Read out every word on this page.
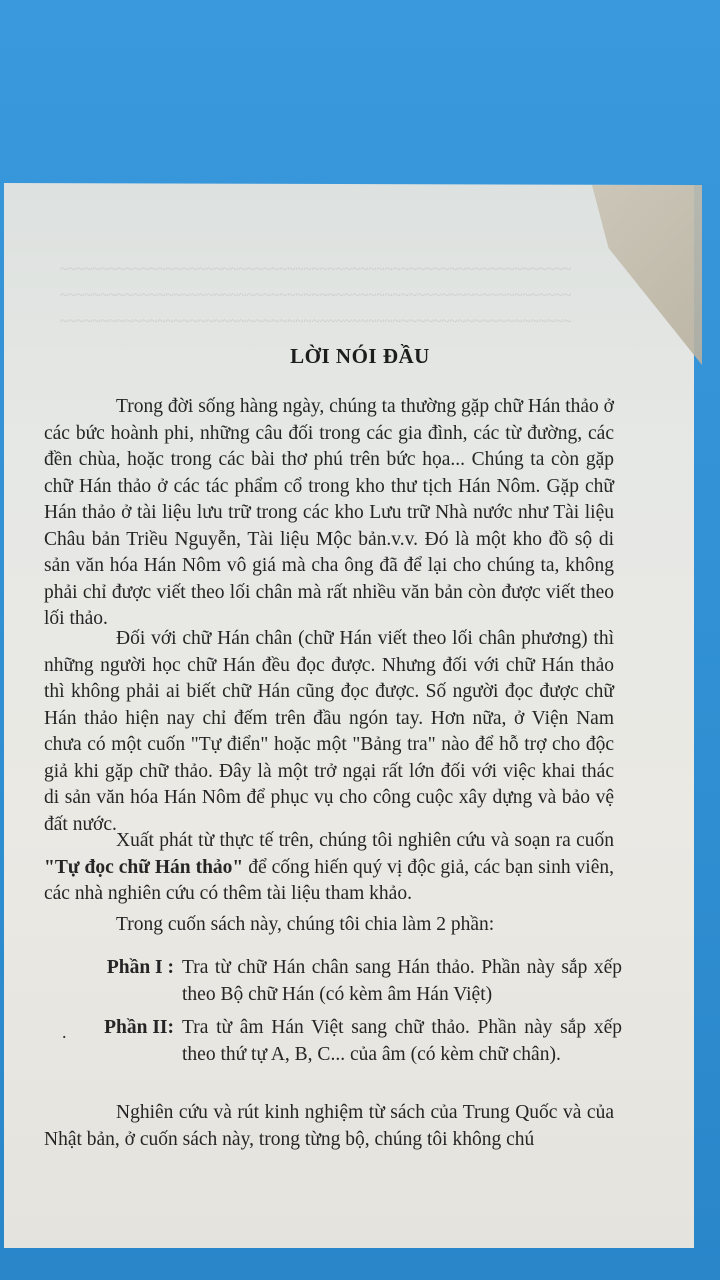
~~~~~~~~~~~~~~~~~~~~~~~~~~~~~~~~~~~~~~~~~~~~~~~~~~~~~~~~~~~~~~~
~~~~~~~~~~~~~~~~~~~~~~~~~~~~~~~~~~~~~~~~~~~~~~~~~~~~~~~~~~~~~~~
~~~~~~~~~~~~~~~~~~~~~~~~~~~~~~~~~~~~~~~~~~~~~~~~~~~~~~~~~~~~~~~
LỜI NÓI ĐẦU

Trong đời sống hàng ngày, chúng ta thường gặp chữ Hán thảo ở các bức hoành phi, những câu đối trong các gia đình, các từ đường, các đền chùa, hoặc trong các bài thơ phú trên bức họa... Chúng ta còn gặp chữ Hán thảo ở các tác phẩm cổ trong kho thư tịch Hán Nôm. Gặp chữ Hán thảo ở tài liệu lưu trữ trong các kho Lưu trữ Nhà nước như Tài liệu Châu bản Triều Nguyễn, Tài liệu Mộc bản.v.v. Đó là một kho đồ sộ di sản văn hóa Hán Nôm vô giá mà cha ông đã để lại cho chúng ta, không phải chỉ được viết theo lối chân mà rất nhiều văn bản còn được viết theo lối thảo.

Đối với chữ Hán chân (chữ Hán viết theo lối chân phương) thì những người học chữ Hán đều đọc được. Nhưng đối với chữ Hán thảo thì không phải ai biết chữ Hán cũng đọc được. Số người đọc được chữ Hán thảo hiện nay chỉ đếm trên đầu ngón tay. Hơn nữa, ở Viện Nam chưa có một cuốn "Tự điển" hoặc một "Bảng tra" nào để hỗ trợ cho độc giả khi gặp chữ thảo. Đây là một trở ngại rất lớn đối với việc khai thác di sản văn hóa Hán Nôm để phục vụ cho công cuộc xây dựng và bảo vệ đất nước.

Xuất phát từ thực tế trên, chúng tôi nghiên cứu và soạn ra cuốn "Tự đọc chữ Hán thảo" để cống hiến quý vị độc giả, các bạn sinh viên, các nhà nghiên cứu có thêm tài liệu tham khảo.

Trong cuốn sách này, chúng tôi chia làm 2 phần:

Phần I : Tra từ chữ Hán chân sang Hán thảo. Phần này sắp xếp theo Bộ chữ Hán (có kèm âm Hán Việt)
Phần II: Tra từ âm Hán Việt sang chữ thảo. Phần này sắp xếp theo thứ tự A, B, C... của âm (có kèm chữ chân).
.

Nghiên cứu và rút kinh nghiệm từ sách của Trung Quốc và của Nhật bản, ở cuốn sách này, trong từng bộ, chúng tôi không chú
